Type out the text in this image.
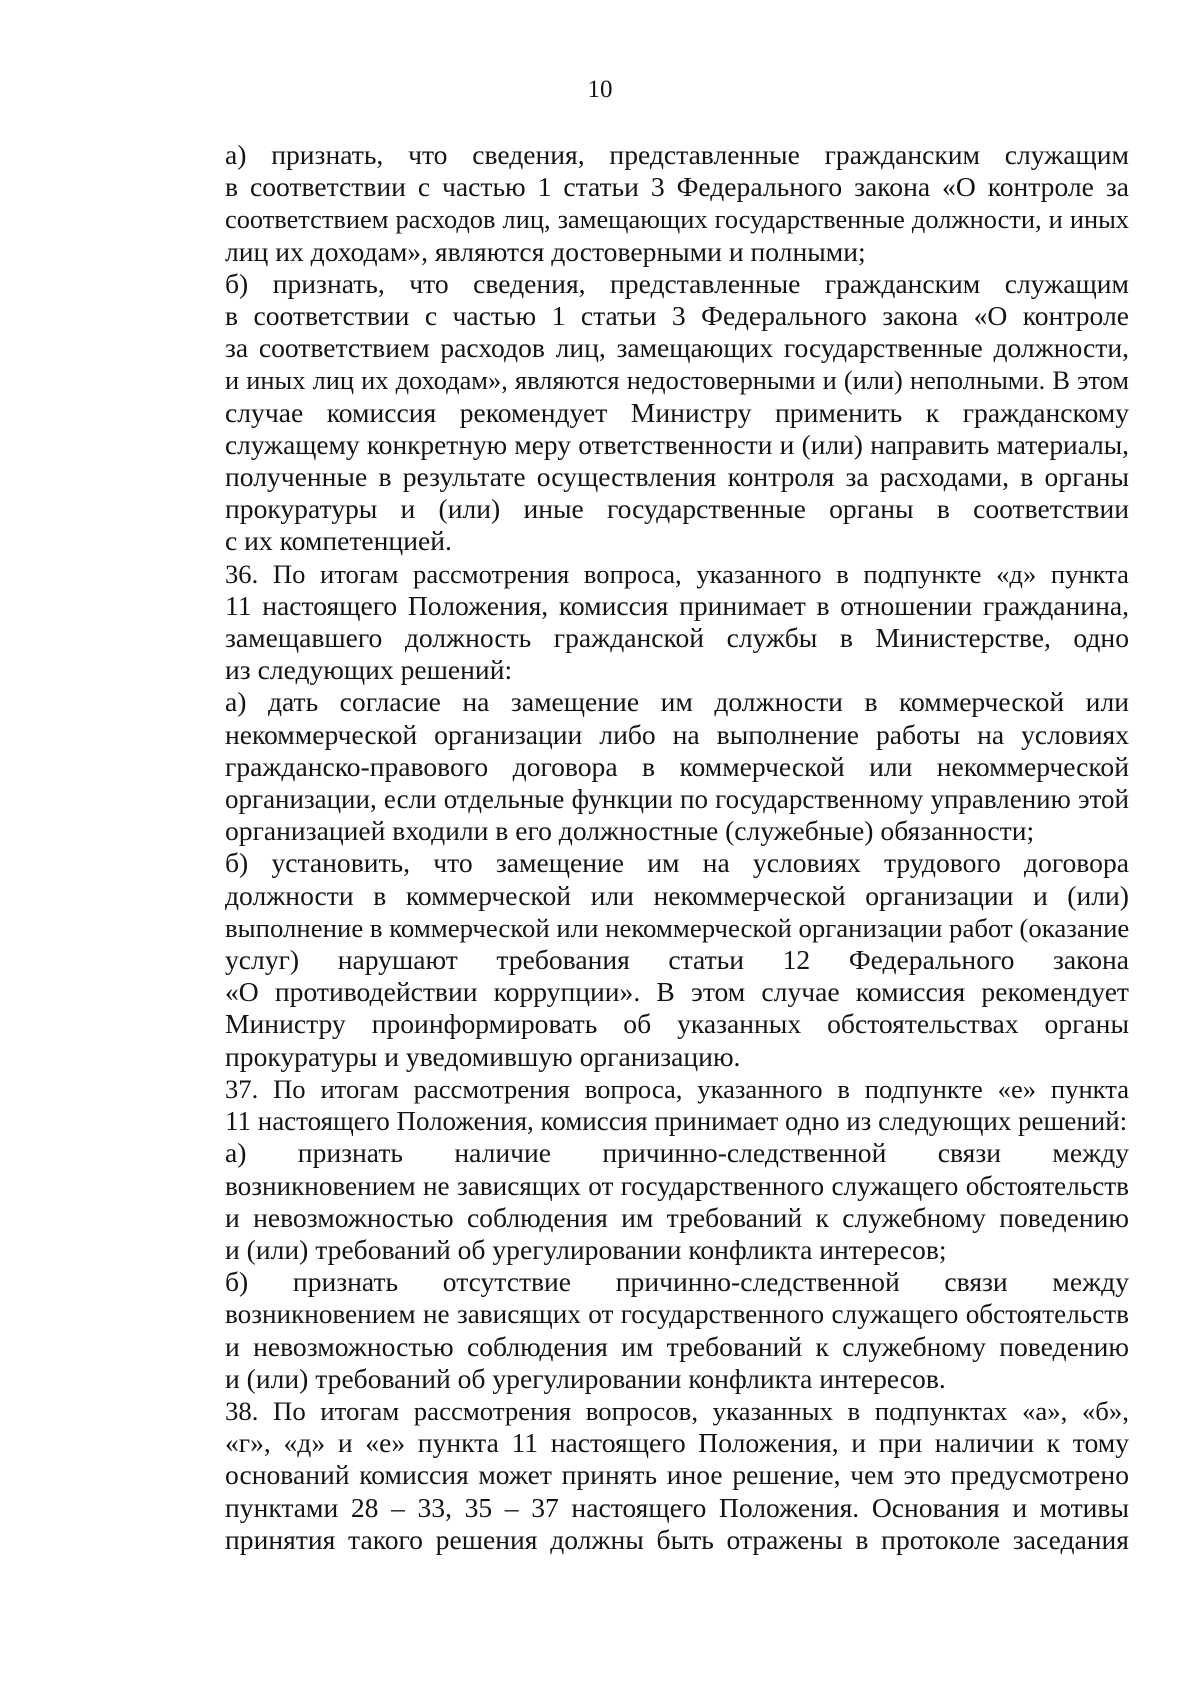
10
а) признать, что сведения, представленные гражданским служащим
в соответствии с частью 1 статьи 3 Федерального закона «О контроле за
соответствием расходов лиц, замещающих государственные должности, и иных
лиц их доходам», являются достоверными и полными;
б) признать, что сведения, представленные гражданским служащим
в соответствии с частью 1 статьи 3 Федерального закона «О контроле
за соответствием расходов лиц, замещающих государственные должности,
и иных лиц их доходам», являются недостоверными и (или) неполными. В этом
случае комиссия рекомендует Министру применить к гражданскому
служащему конкретную меру ответственности и (или) направить материалы,
полученные в результате осуществления контроля за расходами, в органы
прокуратуры и (или) иные государственные органы в соответствии
с их компетенцией.
36. По итогам рассмотрения вопроса, указанного в подпункте «д» пункта
11 настоящего Положения, комиссия принимает в отношении гражданина,
замещавшего должность гражданской службы в Министерстве, одно
из следующих решений:
а) дать согласие на замещение им должности в коммерческой или
некоммерческой организации либо на выполнение работы на условиях
гражданско-правового договора в коммерческой или некоммерческой
организации, если отдельные функции по государственному управлению этой
организацией входили в его должностные (служебные) обязанности;
б) установить, что замещение им на условиях трудового договора
должности в коммерческой или некоммерческой организации и (или)
выполнение в коммерческой или некоммерческой организации работ (оказание
услуг) нарушают требования статьи 12 Федерального закона
«О противодействии коррупции». В этом случае комиссия рекомендует
Министру проинформировать об указанных обстоятельствах органы
прокуратуры и уведомившую организацию.
37. По итогам рассмотрения вопроса, указанного в подпункте «е» пункта
11 настоящего Положения, комиссия принимает одно из следующих решений:
а) признать наличие причинно-следственной связи между
возникновением не зависящих от государственного служащего обстоятельств
и невозможностью соблюдения им требований к служебному поведению
и (или) требований об урегулировании конфликта интересов;
б) признать отсутствие причинно-следственной связи между
возникновением не зависящих от государственного служащего обстоятельств
и невозможностью соблюдения им требований к служебному поведению
и (или) требований об урегулировании конфликта интересов.
38. По итогам рассмотрения вопросов, указанных в подпунктах «а», «б»,
«г», «д» и «е» пункта 11 настоящего Положения, и при наличии к тому
оснований комиссия может принять иное решение, чем это предусмотрено
пунктами 28 – 33, 35 – 37 настоящего Положения. Основания и мотивы
принятия такого решения должны быть отражены в протоколе заседания
